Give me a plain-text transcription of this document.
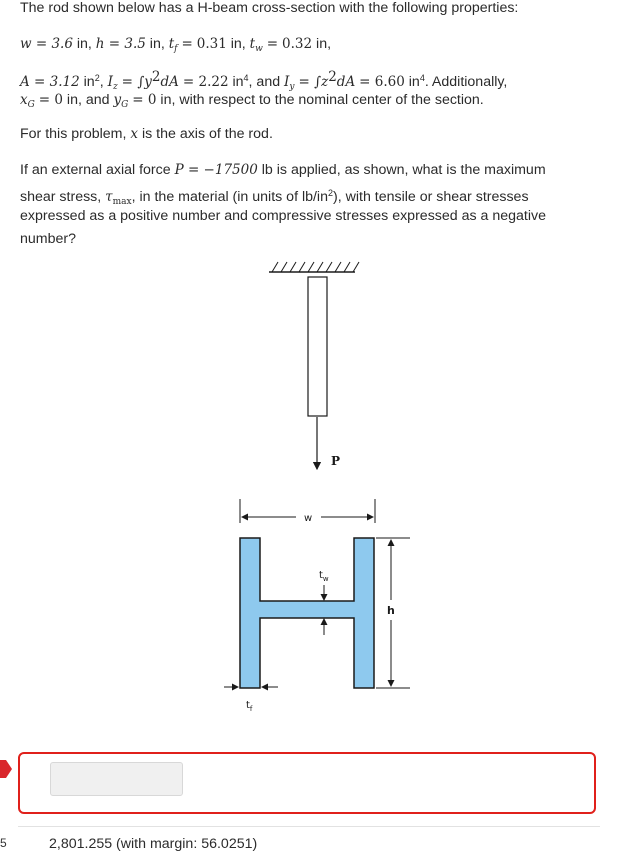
The rod shown below has a H-beam cross-section with the following properties:
w = 3.6 in, h = 3.5 in, $t_f = 0.31$ in, $t_w = 0.32$ in,
A = 3.12 $in^2$, $I_z = \int y^2dA = 2.22$ $in^4$, and $I_y = \int z^2dA = 6.60$ $in^4$. Additionally,
$x_G = 0$ in, and $y_G = 0$ in, with respect to the nominal center of the section.
For this problem, x is the axis of the rod.
If an external axial force P = −17500 lb is applied, as shown, what is the maximum
shear stress, $\tau_{max}$, in the material (in units of $lb/in^2$), with tensile or shear stresses
expressed as a positive number and compressive stresses expressed as a negative
number?
P
w
$t_w$
h
$t_f$
5	2,801.255 (with margin: 56.0251)
